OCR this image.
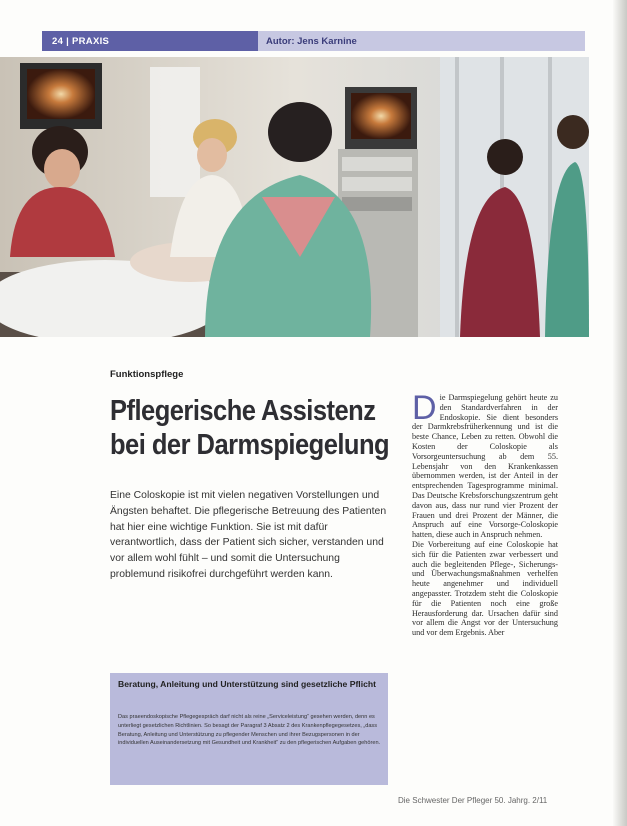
24 | PRAXIS	Autor: Jens Karnine
Funktionspflege
Pflegerische Assistenz
bei der Darmspiegelung
Eine Coloskopie ist mit vielen negativen Vorstellungen und Ängsten behaftet. Die pflegerische Betreuung des Patienten hat hier eine wichtige Funktion. Sie ist mit dafür verantwortlich, dass der Patient sich sicher, verstanden und vor allem wohl fühlt – und somit die Untersuchung problemund risikofrei durchgeführt werden kann.
Beratung, Anleitung und Unterstützung sind gesetzliche Pflicht
Das praeendoskopische Pflegegespräch darf nicht als reine „Serviceleistung“ gesehen werden, denn es unterliegt gesetzlichen Richtlinien. So besagt der Paragraf 3 Absatz 2 des Krankenpflegegesetzes, „dass Beratung, Anleitung und Unterstützung zu pflegender Menschen und ihrer Bezugspersonen in der individuellen Auseinandersetzung mit Gesundheit und Krankheit“ zu den pflegerischen Aufgaben gehören.
D ie Darmspiegelung gehört heute zu den Standardverfahren in der Endoskopie. Sie dient besonders der Darmkrebsfrüherkennung und ist die beste Chance, Leben zu retten. Obwohl die Kosten der Coloskopie als Vorsorgeuntersuchung ab dem 55. Lebensjahr von den Krankenkassen übernommen werden, ist der Anteil in der entsprechenden Tagesprogramme minimal. Das Deutsche Krebsforschungszentrum geht davon aus, dass nur rund vier Prozent der Frauen und drei Prozent der Männer, die Anspruch auf eine Vorsorge-Coloskopie hatten, diese auch in Anspruch nehmen.
Die Vorbereitung auf eine Coloskopie hat sich für die Patienten zwar verbessert und auch die begleitenden Pflege-, Sicherungs- und Überwachungsmaßnahmen verhelfen heute angenehmer und individuell angepasster. Trotzdem steht die Coloskopie für die Patienten noch eine große Herausforderung dar. Ursachen dafür sind vor allem die Angst vor der Untersuchung und vor dem Ergebnis. Aber
Die Schwester Der Pfleger 50. Jahrg. 2/11
